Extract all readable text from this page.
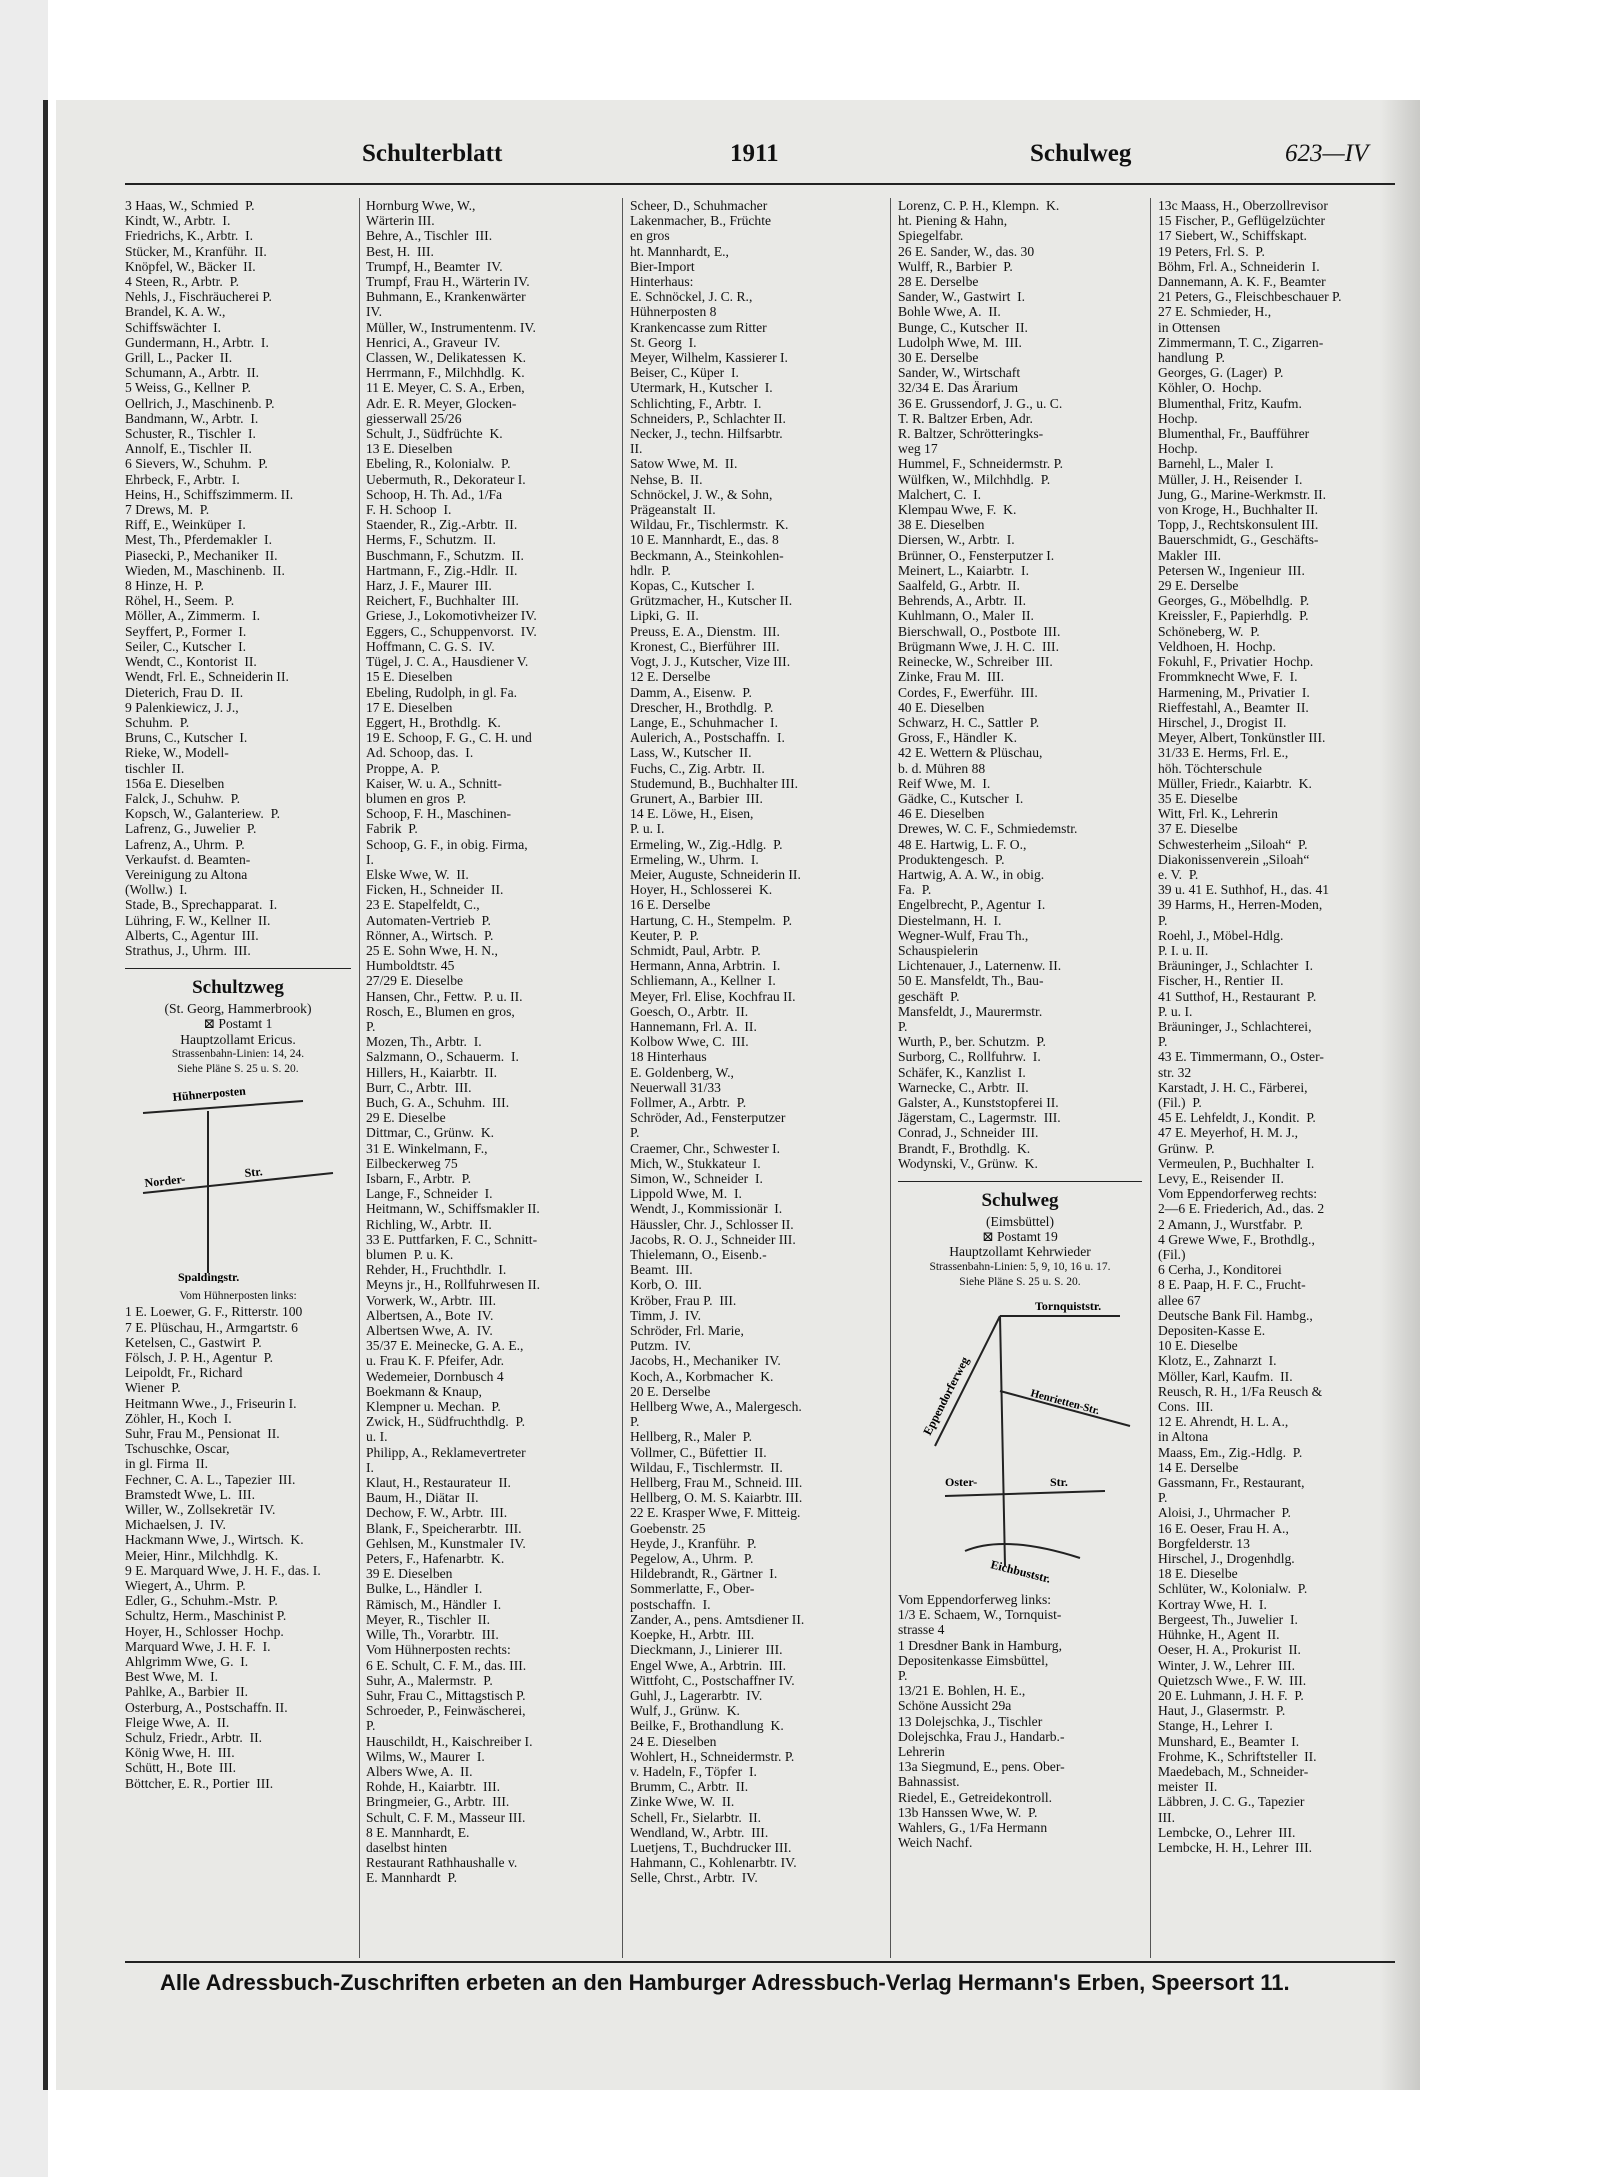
Schulterblatt	1911	Schulweg	623—IV
3 Haas, W., Schmied  P.
Kindt, W., Arbtr.  I.
Friedrichs, K., Arbtr.  I.
Stücker, M., Kranführ.  II.
Knöpfel, W., Bäcker  II.
4 Steen, R., Arbtr.  P.
Nehls, J., Fischräucherei P.
Brandel, K. A. W.,
Schiffswächter  I.
Gundermann, H., Arbtr.  I.
Grill, L., Packer  II.
Schumann, A., Arbtr.  II.
5 Weiss, G., Kellner  P.
Oellrich, J., Maschinenb. P.
Bandmann, W., Arbtr.  I.
Schuster, R., Tischler  I.
Annolf, E., Tischler  II.
6 Sievers, W., Schuhm.  P.
Ehrbeck, F., Arbtr.  I.
Heins, H., Schiffszimmerm. II.
7 Drews, M.  P.
Riff, E., Weinküper  I.
Mest, Th., Pferdemakler  I.
Piasecki, P., Mechaniker  II.
Wieden, M., Maschinenb.  II.
8 Hinze, H.  P.
Röhel, H., Seem.  P.
Möller, A., Zimmerm.  I.
Seyffert, P., Former  I.
Seiler, C., Kutscher  I.
Wendt, C., Kontorist  II.
Wendt, Frl. E., Schneiderin II.
Dieterich, Frau D.  II.
9 Palenkiewicz, J. J.,
Schuhm.  P.
Bruns, C., Kutscher  I.
Rieke, W., Modell-
tischler  II.
156a E. Dieselben
Falck, J., Schuhw.  P.
Kopsch, W., Galanteriew.  P.
Lafrenz, G., Juwelier  P.
Lafrenz, A., Uhrm.  P.
Verkaufst. d. Beamten-
Vereinigung zu Altona
(Wollw.)  I.
Stade, B., Sprechapparat.  I.
Lühring, F. W., Kellner  II.
Alberts, C., Agentur  III.
Strathus, J., Uhrm.  III.
Schultzweg
(St. Georg, Hammerbrook)
⊠ Postamt 1
Hauptzollamt Ericus.
Strassenbahn-Linien: 14, 24.
Siehe Pläne S. 25 u. S. 20.
Hühnerposten
Norder-	Str.
Spaldingstr.
Vom Hühnerposten links:
1 E. Loewer, G. F., Ritterstr. 100
7 E. Plüschau, H., Armgartstr. 6
Ketelsen, C., Gastwirt  P.
Fölsch, J. P. H., Agentur  P.
Leipoldt, Fr., Richard
Wiener  P.
Heitmann Wwe., J., Friseurin I.
Zöhler, H., Koch  I.
Suhr, Frau M., Pensionat  II.
Tschuschke, Oscar,
in gl. Firma  II.
Fechner, C. A. L., Tapezier  III.
Bramstedt Wwe, L.  III.
Willer, W., Zollsekretär  IV.
Michaelsen, J.  IV.
Hackmann Wwe, J., Wirtsch.  K.
Meier, Hinr., Milchhdlg.  K.
9 E. Marquard Wwe, J. H. F., das. I.
Wiegert, A., Uhrm.  P.
Edler, G., Schuhm.-Mstr.  P.
Schultz, Herm., Maschinist P.
Hoyer, H., Schlosser  Hochp.
Marquard Wwe, J. H. F.  I.
Ahlgrimm Wwe, G.  I.
Best Wwe, M.  I.
Pahlke, A., Barbier  II.
Osterburg, A., Postschaffn. II.
Fleige Wwe, A.  II.
Schulz, Friedr., Arbtr.  II.
König Wwe, H.  III.
Schütt, H., Bote  III.
Böttcher, E. R., Portier  III.
Hornburg Wwe, W.,
Wärterin III.
Behre, A., Tischler  III.
Best, H.  III.
Trumpf, H., Beamter  IV.
Trumpf, Frau H., Wärterin IV.
Buhmann, E., Krankenwärter
IV.
Müller, W., Instrumentenm. IV.
Henrici, A., Graveur  IV.
Classen, W., Delikatessen  K.
Herrmann, F., Milchhdlg.  K.
11 E. Meyer, C. S. A., Erben,
Adr. E. R. Meyer, Glocken-
giesserwall 25/26
Schult, J., Südfrüchte  K.
13 E. Dieselben
Ebeling, R., Kolonialw.  P.
Uebermuth, R., Dekorateur I.
Schoop, H. Th. Ad., 1/Fa
F. H. Schoop  I.
Staender, R., Zig.-Arbtr.  II.
Herms, F., Schutzm.  II.
Buschmann, F., Schutzm.  II.
Hartmann, F., Zig.-Hdlr.  II.
Harz, J. F., Maurer  III.
Reichert, F., Buchhalter  III.
Griese, J., Lokomotivheizer IV.
Eggers, C., Schuppenvorst.  IV.
Hoffmann, C. G. S.  IV.
Tügel, J. C. A., Hausdiener V.
15 E. Dieselben
Ebeling, Rudolph, in gl. Fa.
17 E. Dieselben
Eggert, H., Brothdlg.  K.
19 E. Schoop, F. G., C. H. und
Ad. Schoop, das.  I.
Proppe, A.  P.
Kaiser, W. u. A., Schnitt-
blumen en gros  P.
Schoop, F. H., Maschinen-
Fabrik  P.
Schoop, G. F., in obig. Firma,
I.
Elske Wwe, W.  II.
Ficken, H., Schneider  II.
23 E. Stapelfeldt, C.,
Automaten-Vertrieb  P.
Rönner, A., Wirtsch.  P.
25 E. Sohn Wwe, H. N.,
Humboldtstr. 45
27/29 E. Dieselbe
Hansen, Chr., Fettw.  P. u. II.
Rosch, E., Blumen en gros,
P.
Mozen, Th., Arbtr.  I.
Salzmann, O., Schauerm.  I.
Hillers, H., Kaiarbtr.  II.
Burr, C., Arbtr.  III.
Buch, G. A., Schuhm.  III.
29 E. Dieselbe
Dittmar, C., Grünw.  K.
31 E. Winkelmann, F.,
Eilbeckerweg 75
Isbarn, F., Arbtr.  P.
Lange, F., Schneider  I.
Heitmann, W., Schiffsmakler II.
Richling, W., Arbtr.  II.
33 E. Puttfarken, F. C., Schnitt-
blumen  P. u. K.
Rehder, H., Fruchthdlr.  I.
Meyns jr., H., Rollfuhrwesen II.
Vorwerk, W., Arbtr.  III.
Albertsen, A., Bote  IV.
Albertsen Wwe, A.  IV.
35/37 E. Meinecke, G. A. E.,
u. Frau K. F. Pfeifer, Adr.
Wedemeier, Dornbusch 4
Boekmann & Knaup,
Klempner u. Mechan.  P.
Zwick, H., Südfruchthdlg.  P.
u. I.
Philipp, A., Reklamevertreter
I.
Klaut, H., Restaurateur  II.
Baum, H., Diätar  II.
Dechow, F. W., Arbtr.  III.
Blank, F., Speicherarbtr.  III.
Gehlsen, M., Kunstmaler  IV.
Peters, F., Hafenarbtr.  K.
39 E. Dieselben
Bulke, L., Händler  I.
Rämisch, M., Händler  I.
Meyer, R., Tischler  II.
Wille, Th., Vorarbtr.  III.
Vom Hühnerposten rechts:
6 E. Schult, C. F. M., das. III.
Suhr, A., Malermstr.  P.
Suhr, Frau C., Mittagstisch P.
Schroeder, P., Feinwäscherei,
P.
Hauschildt, H., Kaischreiber I.
Wilms, W., Maurer  I.
Albers Wwe, A.  II.
Rohde, H., Kaiarbtr.  III.
Bringmeier, G., Arbtr.  III.
Schult, C. F. M., Masseur III.
8 E. Mannhardt, E.
daselbst hinten
Restaurant Rathhaushalle v.
E. Mannhardt  P.
Scheer, D., Schuhmacher
Lakenmacher, B., Früchte
en gros
ht. Mannhardt, E.,
Bier-Import
Hinterhaus:
E. Schnöckel, J. C. R.,
Hühnerposten 8
Krankencasse zum Ritter
St. Georg  I.
Meyer, Wilhelm, Kassierer I.
Beiser, C., Küper  I.
Utermark, H., Kutscher  I.
Schlichting, F., Arbtr.  I.
Schneiders, P., Schlachter II.
Necker, J., techn. Hilfsarbtr.
II.
Satow Wwe, M.  II.
Nehse, B.  II.
Schnöckel, J. W., & Sohn,
Prägeanstalt  II.
Wildau, Fr., Tischlermstr.  K.
10 E. Mannhardt, E., das. 8
Beckmann, A., Steinkohlen-
hdlr.  P.
Kopas, C., Kutscher  I.
Grützmacher, H., Kutscher II.
Lipki, G.  II.
Preuss, E. A., Dienstm.  III.
Kronest, C., Bierführer  III.
Vogt, J. J., Kutscher, Vize III.
12 E. Derselbe
Damm, A., Eisenw.  P.
Drescher, H., Brothdlg.  P.
Lange, E., Schuhmacher  I.
Aulerich, A., Postschaffn.  I.
Lass, W., Kutscher  II.
Fuchs, C., Zig. Arbtr.  II.
Studemund, B., Buchhalter III.
Grunert, A., Barbier  III.
14 E. Löwe, H., Eisen,
P. u. I.
Ermeling, W., Zig.-Hdlg.  P.
Ermeling, W., Uhrm.  I.
Meier, Auguste, Schneiderin II.
Hoyer, H., Schlosserei  K.
16 E. Derselbe
Hartung, C. H., Stempelm.  P.
Keuter, P.  P.
Schmidt, Paul, Arbtr.  P.
Hermann, Anna, Arbtrin.  I.
Schliemann, A., Kellner  I.
Meyer, Frl. Elise, Kochfrau II.
Goesch, O., Arbtr.  II.
Hannemann, Frl. A.  II.
Kolbow Wwe, C.  III.
18 Hinterhaus
E. Goldenberg, W.,
Neuerwall 31/33
Follmer, A., Arbtr.  P.
Schröder, Ad., Fensterputzer
P.
Craemer, Chr., Schwester I.
Mich, W., Stukkateur  I.
Simon, W., Schneider  I.
Lippold Wwe, M.  I.
Wendt, J., Kommissionär  I.
Häussler, Chr. J., Schlosser II.
Jacobs, R. O. J., Schneider III.
Thielemann, O., Eisenb.-
Beamt.  III.
Korb, O.  III.
Kröber, Frau P.  III.
Timm, J.  IV.
Schröder, Frl. Marie,
Putzm.  IV.
Jacobs, H., Mechaniker  IV.
Koch, A., Korbmacher  K.
20 E. Derselbe
Hellberg Wwe, A., Malergesch.
P.
Hellberg, R., Maler  P.
Vollmer, C., Büfettier  II.
Wildau, F., Tischlermstr.  II.
Hellberg, Frau M., Schneid. III.
Hellberg, O. M. S. Kaiarbtr. III.
22 E. Krasper Wwe, F. Mitteig.
Goebenstr. 25
Heyde, J., Kranführ.  P.
Pegelow, A., Uhrm.  P.
Hildebrandt, R., Gärtner  I.
Sommerlatte, F., Ober-
postschaffn.  I.
Zander, A., pens. Amtsdiener II.
Koepke, H., Arbtr.  III.
Dieckmann, J., Linierer  III.
Engel Wwe, A., Arbtrin.  III.
Wittfoht, C., Postschaffner IV.
Guhl, J., Lagerarbtr.  IV.
Wulf, J., Grünw.  K.
Beilke, F., Brothandlung  K.
24 E. Dieselben
Wohlert, H., Schneidermstr. P.
v. Hadeln, F., Töpfer  I.
Brumm, C., Arbtr.  II.
Zinke Wwe, W.  II.
Schell, Fr., Sielarbtr.  II.
Wendland, W., Arbtr.  III.
Luetjens, T., Buchdrucker III.
Hahmann, C., Kohlenarbtr. IV.
Selle, Chrst., Arbtr.  IV.
Lorenz, C. P. H., Klempn.  K.
ht. Piening & Hahn,
Spiegelfabr.
26 E. Sander, W., das. 30
Wulff, R., Barbier  P.
28 E. Derselbe
Sander, W., Gastwirt  I.
Bohle Wwe, A.  II.
Bunge, C., Kutscher  II.
Ludolph Wwe, M.  III.
30 E. Derselbe
Sander, W., Wirtschaft
32/34 E. Das Ärarium
36 E. Grussendorf, J. G., u. C.
T. R. Baltzer Erben, Adr.
R. Baltzer, Schrötteringks-
weg 17
Hummel, F., Schneidermstr. P.
Wülfken, W., Milchhdlg.  P.
Malchert, C.  I.
Klempau Wwe, F.  K.
38 E. Dieselben
Diersen, W., Arbtr.  I.
Brünner, O., Fensterputzer I.
Meinert, L., Kaiarbtr.  I.
Saalfeld, G., Arbtr.  II.
Behrends, A., Arbtr.  II.
Kuhlmann, O., Maler  II.
Bierschwall, O., Postbote  III.
Brügmann Wwe, J. H. C.  III.
Reinecke, W., Schreiber  III.
Zinke, Frau M.  III.
Cordes, F., Ewerführ.  III.
40 E. Dieselben
Schwarz, H. C., Sattler  P.
Gross, F., Händler  K.
42 E. Wettern & Plüschau,
b. d. Mühren 88
Reif Wwe, M.  I.
Gädke, C., Kutscher  I.
46 E. Dieselben
Drewes, W. C. F., Schmiedemstr.
48 E. Hartwig, L. F. O.,
Produktengesch.  P.
Hartwig, A. A. W., in obig.
Fa.  P.
Engelbrecht, P., Agentur  I.
Diestelmann, H.  I.
Wegner-Wulf, Frau Th.,
Schauspielerin
Lichtenauer, J., Laternenw. II.
50 E. Mansfeldt, Th., Bau-
geschäft  P.
Mansfeldt, J., Maurermstr.
P.
Wurth, P., ber. Schutzm.  P.
Surborg, C., Rollfuhrw.  I.
Schäfer, K., Kanzlist  I.
Warnecke, C., Arbtr.  II.
Galster, A., Kunststopferei II.
Jägerstam, C., Lagermstr.  III.
Conrad, J., Schneider  III.
Brandt, F., Brothdlg.  K.
Wodynski, V., Grünw.  K.
Schulweg
(Eimsbüttel)
⊠ Postamt 19
Hauptzollamt Kehrwieder
Strassenbahn-Linien: 5, 9, 10, 16 u. 17.
Siehe Pläne S. 25 u. S. 20.
Eppendorferweg
Tornquiststr.
Henrietten-Str.
Oster-	Str.
Eichbuststr.
Vom Eppendorferweg links:
1/3 E. Schaem, W., Tornquist-
strasse 4
1 Dresdner Bank in Hamburg,
Depositenkasse Eimsbüttel,
P.
13/21 E. Bohlen, H. E.,
Schöne Aussicht 29a
13 Dolejschka, J., Tischler
Dolejschka, Frau J., Handarb.-
Lehrerin
13a Siegmund, E., pens. Ober-
Bahnassist.
Riedel, E., Getreidekontroll.
13b Hanssen Wwe, W.  P.
Wahlers, G., 1/Fa Hermann
Weich Nachf.
13c Maass, H., Oberzollrevisor
15 Fischer, P., Geflügelzüchter
17 Siebert, W., Schiffskapt.
19 Peters, Frl. S.  P.
Böhm, Frl. A., Schneiderin  I.
Dannemann, A. K. F., Beamter
21 Peters, G., Fleischbeschauer P.
27 E. Schmieder, H.,
in Ottensen
Zimmermann, T. C., Zigarren-
handlung  P.
Georges, G. (Lager)  P.
Köhler, O.  Hochp.
Blumenthal, Fritz, Kaufm.
Hochp.
Blumenthal, Fr., Baufführer
Hochp.
Barnehl, L., Maler  I.
Müller, J. H., Reisender  I.
Jung, G., Marine-Werkmstr. II.
von Kroge, H., Buchhalter II.
Topp, J., Rechtskonsulent III.
Bauerschmidt, G., Geschäfts-
Makler  III.
Petersen W., Ingenieur  III.
29 E. Derselbe
Georges, G., Möbelhdlg.  P.
Kreissler, F., Papierhdlg.  P.
Schöneberg, W.  P.
Veldhoen, H.  Hochp.
Fokuhl, F., Privatier  Hochp.
Frommknecht Wwe, F.  I.
Harmening, M., Privatier  I.
Rieffestahl, A., Beamter  II.
Hirschel, J., Drogist  II.
Meyer, Albert, Tonkünstler III.
31/33 E. Herms, Frl. E.,
höh. Töchterschule
Müller, Friedr., Kaiarbtr.  K.
35 E. Dieselbe
Witt, Frl. K., Lehrerin
37 E. Dieselbe
Schwesterheim „Siloah“  P.
Diakonissenverein „Siloah“
e. V.  P.
39 u. 41 E. Suthhof, H., das. 41
39 Harms, H., Herren-Moden,
P.
Roehl, J., Möbel-Hdlg.
P. I. u. II.
Bräuninger, J., Schlachter  I.
Fischer, H., Rentier  II.
41 Sutthof, H., Restaurant  P.
P. u. I.
Bräuninger, J., Schlachterei,
P.
43 E. Timmermann, O., Oster-
str. 32
Karstadt, J. H. C., Färberei,
(Fil.)  P.
45 E. Lehfeldt, J., Kondit.  P.
47 E. Meyerhof, H. M. J.,
Grünw.  P.
Vermeulen, P., Buchhalter  I.
Levy, E., Reisender  II.
Vom Eppendorferweg rechts:
2—6 E. Friederich, Ad., das. 2
2 Amann, J., Wurstfabr.  P.
4 Grewe Wwe, F., Brothdlg.,
(Fil.)
6 Cerha, J., Konditorei
8 E. Paap, H. F. C., Frucht-
allee 67
Deutsche Bank Fil. Hambg.,
Depositen-Kasse E.
10 E. Dieselbe
Klotz, E., Zahnarzt  I.
Möller, Karl, Kaufm.  II.
Reusch, R. H., 1/Fa Reusch &
Cons.  III.
12 E. Ahrendt, H. L. A.,
in Altona
Maass, Em., Zig.-Hdlg.  P.
14 E. Derselbe
Gassmann, Fr., Restaurant,
P.
Aloisi, J., Uhrmacher  P.
16 E. Oeser, Frau H. A.,
Borgfelderstr. 13
Hirschel, J., Drogenhdlg.
18 E. Dieselbe
Schlüter, W., Kolonialw.  P.
Kortray Wwe, H.  I.
Bergeest, Th., Juwelier  I.
Hühnke, H., Agent  II.
Oeser, H. A., Prokurist  II.
Winter, J. W., Lehrer  III.
Quietzsch Wwe., F. W.  III.
20 E. Luhmann, J. H. F.  P.
Haut, J., Glasermstr.  P.
Stange, H., Lehrer  I.
Munshard, E., Beamter  I.
Frohme, K., Schriftsteller  II.
Maedebach, M., Schneider-
meister  II.
Läbbren, J. C. G., Tapezier
III.
Lembcke, O., Lehrer  III.
Lembcke, H. H., Lehrer  III.
Alle Adressbuch-Zuschriften erbeten an den Hamburger Adressbuch-Verlag Hermann's Erben, Speersort 11.
